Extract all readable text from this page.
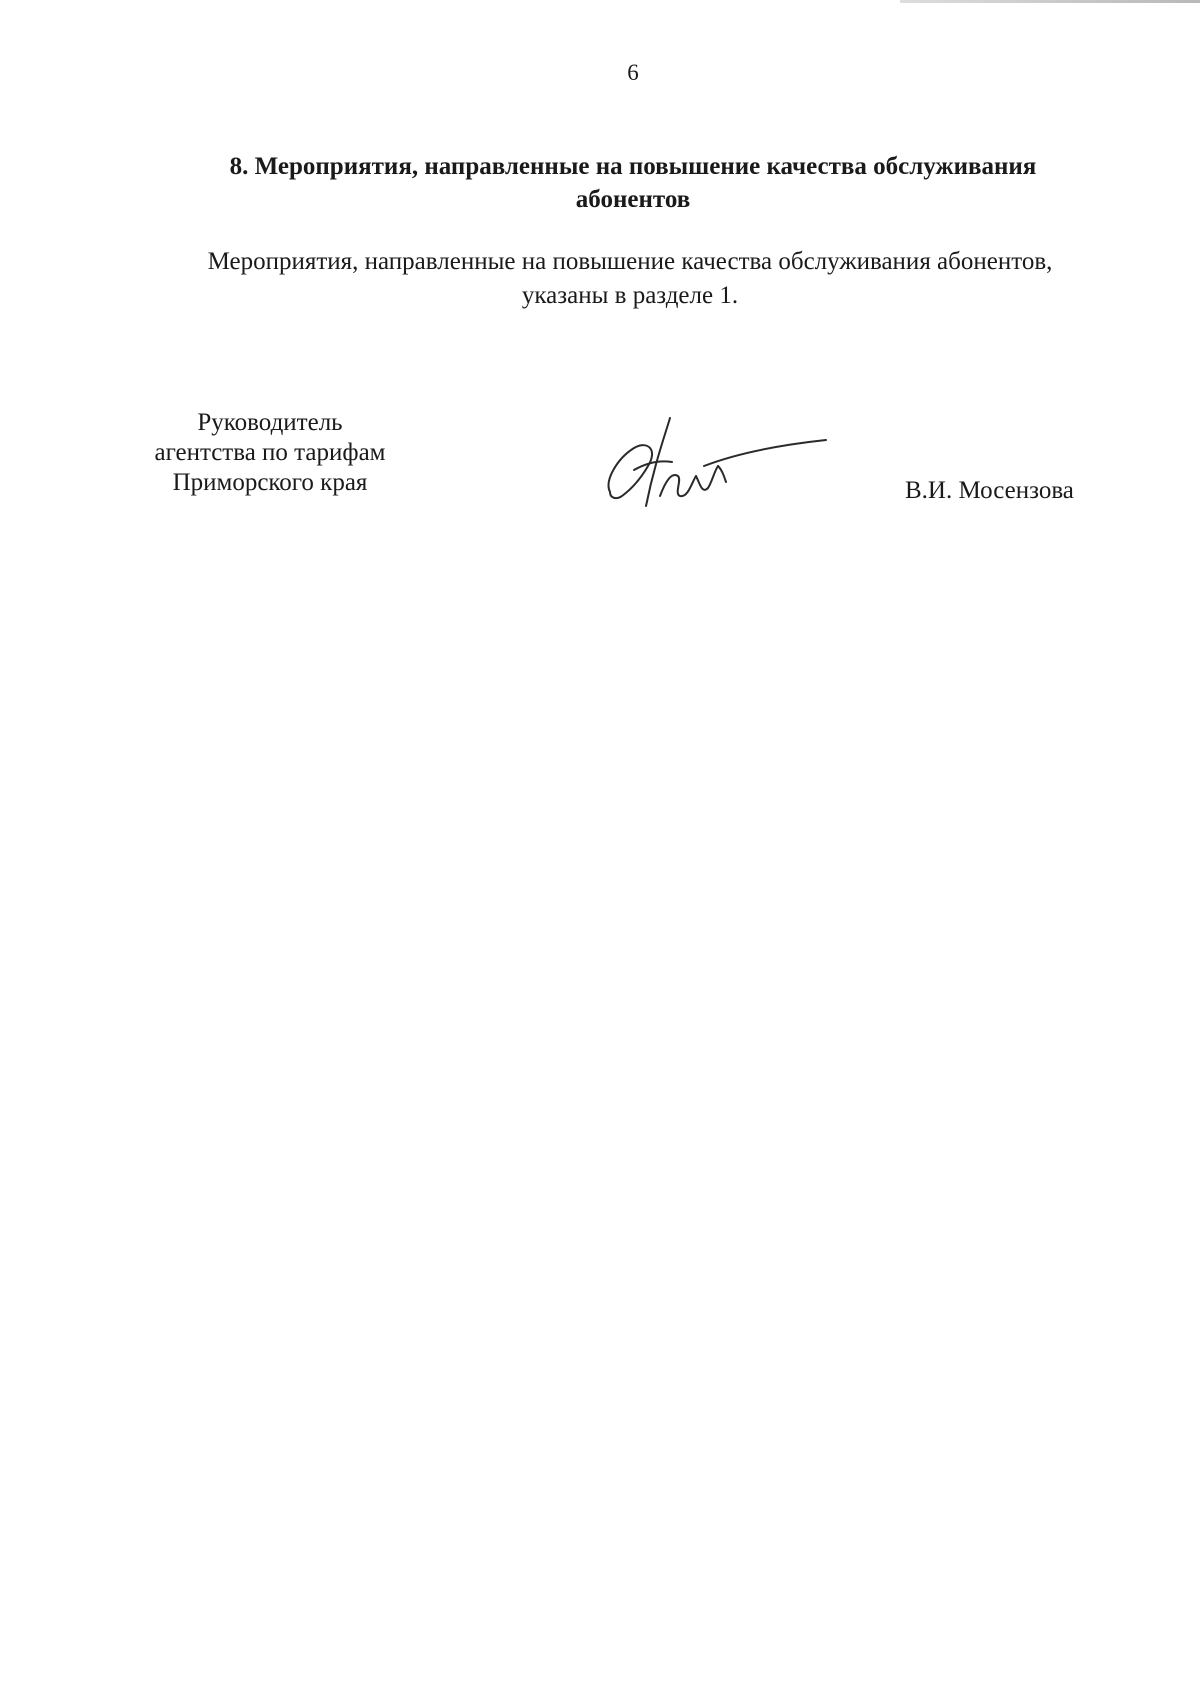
6
8. Мероприятия, направленные на повышение качества обслуживания
абонентов
Мероприятия, направленные на повышение качества обслуживания абонентов,
указаны в разделе 1.
Руководитель
агентства по тарифам
Приморского края	В.И. Мосензова
